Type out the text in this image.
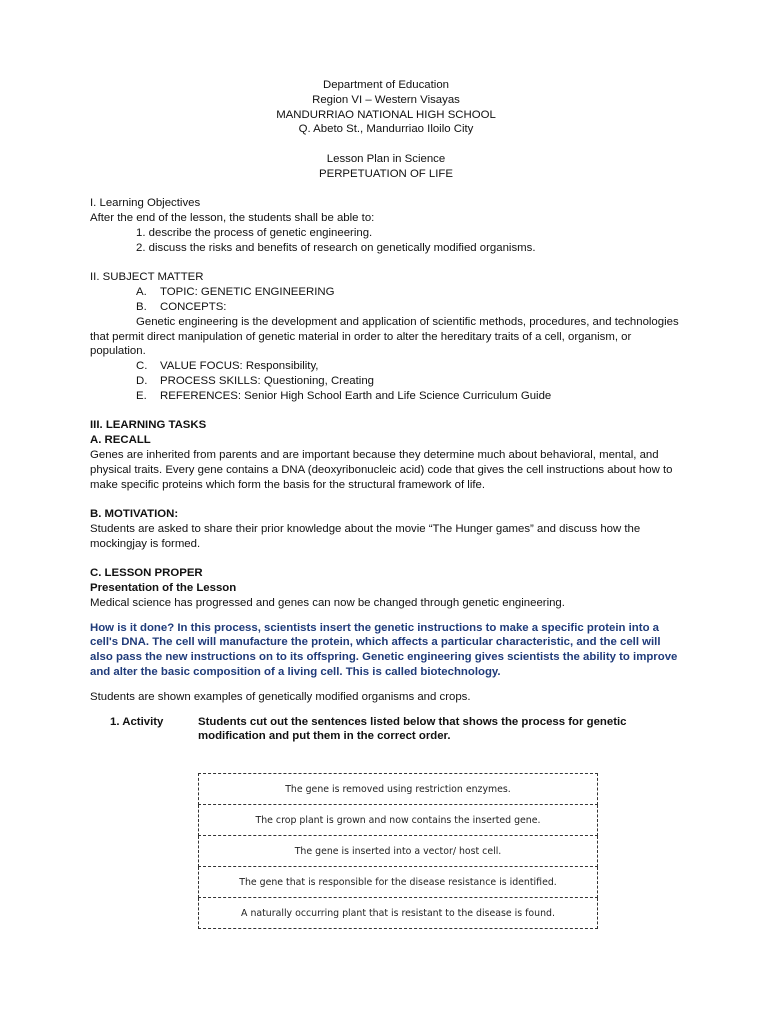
Department of Education
Region VI – Western Visayas
MANDURRIAO NATIONAL HIGH SCHOOL
Q. Abeto St., Mandurriao Iloilo City
Lesson Plan in Science
PERPETUATION OF LIFE
I. Learning Objectives
After the end of the lesson, the students shall be able to:
1. describe the process of genetic engineering.
2. discuss the risks and benefits of research on genetically modified organisms.
II. SUBJECT MATTER
A.	TOPIC: GENETIC ENGINEERING
B.	CONCEPTS:
Genetic engineering is the development and application of scientific methods, procedures, and technologies that permit direct manipulation of genetic material in order to alter the hereditary traits of a cell, organism, or population.
C.	VALUE FOCUS: Responsibility,
D.	PROCESS SKILLS: Questioning, Creating
E.	REFERENCES: Senior High School Earth and Life Science Curriculum Guide
III. LEARNING TASKS
A. RECALL
Genes are inherited from parents and are important because they determine much about behavioral, mental, and physical traits. Every gene contains a DNA (deoxyribonucleic acid) code that gives the cell instructions about how to make specific proteins which form the basis for the structural framework of life.
B. MOTIVATION:
Students are asked to share their prior knowledge about the movie “The Hunger games” and discuss how the mockingjay is formed.
C. LESSON PROPER
Presentation of the Lesson
Medical science has progressed and genes can now be changed through genetic engineering.
How is it done? In this process, scientists insert the genetic instructions to make a specific protein into a cell's DNA. The cell will manufacture the protein, which affects a particular characteristic, and the cell will also pass the new instructions on to its offspring. Genetic engineering gives scientists the ability to improve and alter the basic composition of a living cell. This is called biotechnology.
Students are shown examples of genetically modified organisms and crops.
1. Activity	Students cut out the sentences listed below that shows the process for genetic modification and put them in the correct order.
The gene is removed using restriction enzymes.
The crop plant is grown and now contains the inserted gene.
The gene is inserted into a vector/ host cell.
The gene that is responsible for the disease resistance is identified.
A naturally occurring plant that is resistant to the disease is found.
